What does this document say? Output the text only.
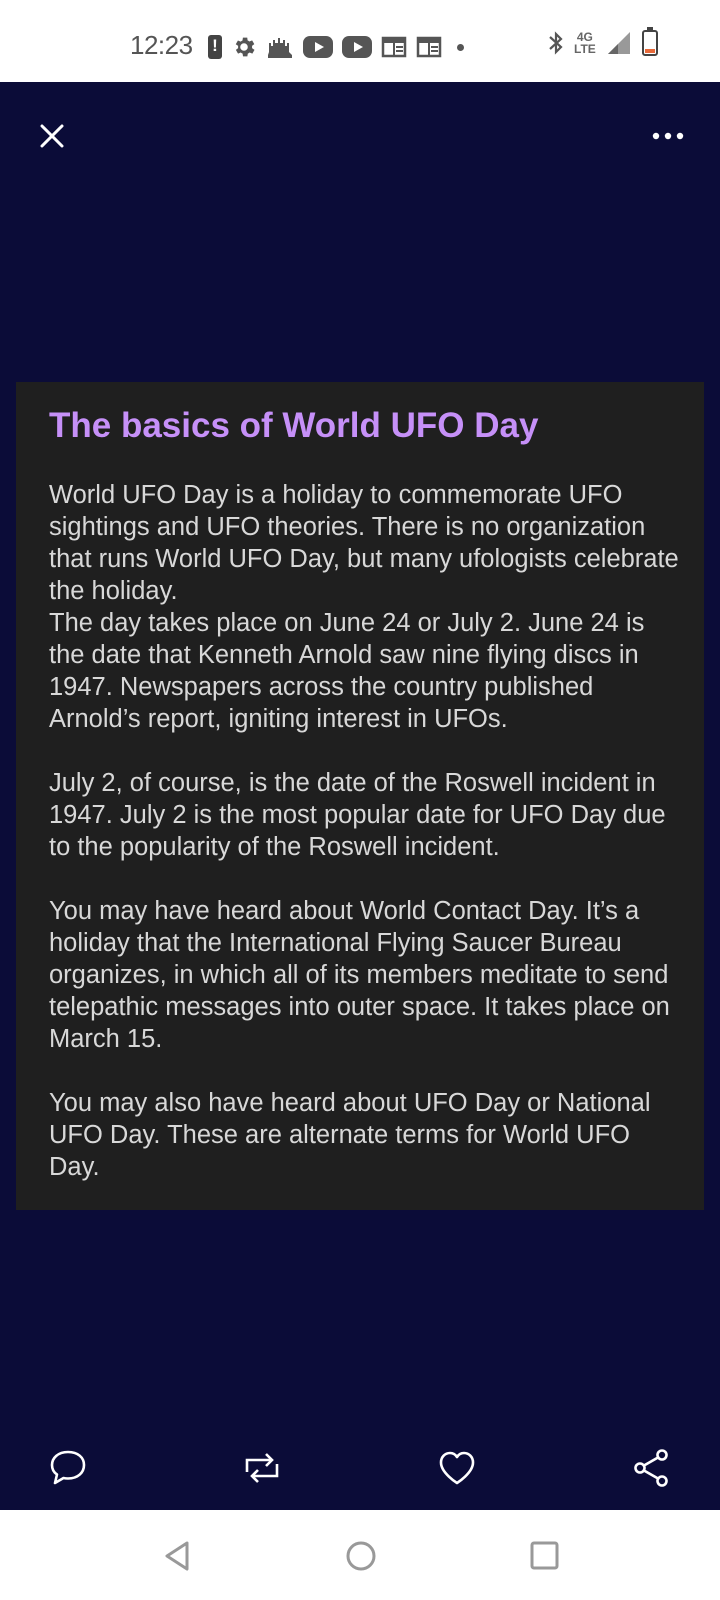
12:23
!	4G
LTE
The basics of World UFO Day

World UFO Day is a holiday to commemorate UFO sightings and UFO theories. There is no organization that runs World UFO Day, but many ufologists celebrate the holiday.
The day takes place on June 24 or July 2. June 24 is the date that Kenneth Arnold saw nine flying discs in 1947. Newspapers across the country published Arnold’s report, igniting interest in UFOs.

July 2, of course, is the date of the Roswell incident in 1947. July 2 is the most popular date for UFO Day due to the popularity of the Roswell incident.

You may have heard about World Contact Day. It’s a holiday that the International Flying Saucer Bureau organizes, in which all of its members meditate to send telepathic messages into outer space. It takes place on March 15.

You may also have heard about UFO Day or National UFO Day. These are alternate terms for World UFO Day.
